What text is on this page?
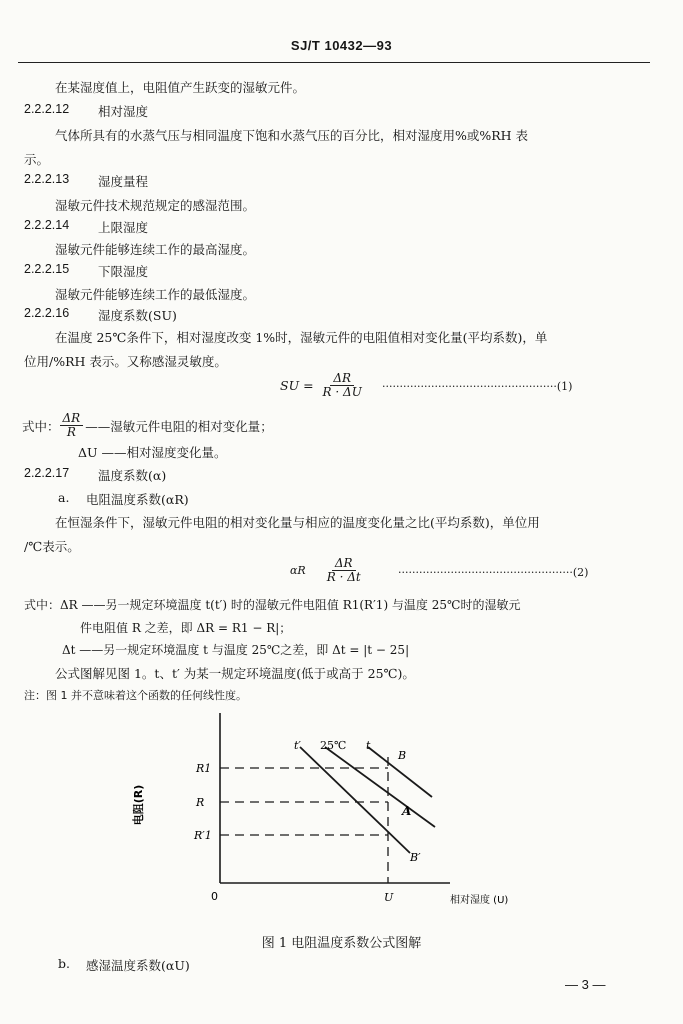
SJ/T 10432—93
在某湿度值上，电阻值产生跃变的湿敏元件。
2.2.2.12 相对湿度
气体所具有的水蒸气压与相同温度下饱和水蒸气压的百分比，相对湿度用%或%RH 表
示。
2.2.2.13 湿度量程
湿敏元件技术规范规定的感湿范围。
2.2.2.14 上限湿度
湿敏元件能够连续工作的最高湿度。
2.2.2.15 下限湿度
湿敏元件能够连续工作的最低湿度。
2.2.2.16 湿度系数(SU)
在温度 25℃条件下，相对湿度改变 1%时，湿敏元件的电阻值相对变化量(平均系数)，单
位用/%RH 表示。又称感湿灵敏度。
SU = $\frac{\Delta R}{R \cdot \Delta U} \cdot\cdot\cdot\cdot\cdot\cdot\cdot\cdot\cdot\cdot\cdot\cdot\cdot\cdot\cdot\cdot\cdot\cdot\cdot\cdot\cdot\cdot\cdot\cdot\cdot\cdot\cdot\cdot\cdot\cdot\cdot\cdot\cdot\cdot\cdot\cdot\cdot\cdot\cdot\cdot\cdot\cdot\cdot\cdot\cdot\cdot\cdot\cdot\cdot\cdot(1)$
式中： $\frac{\Delta R}{R}$ ——湿敏元件电阻的相对变化量；
ΔU ——相对湿度变化量。
2.2.2.17 温度系数(α)
a. 电阻温度系数(αR)
在恒湿条件下，湿敏元件电阻的相对变化量与相应的温度变化量之比(平均系数)，单位用
/℃表示。
αR $\frac{\Delta R}{R \cdot \Delta t}$	··················································(2)
式中：ΔR ——另一规定环境温度 t(t′) 时的湿敏元件电阻值 R1(R′1) 与温度 25℃时的湿敏元
件电阻值 R 之差，即 ΔR = R1 − R|；
Δt ——另一规定环境温度 t 与温度 25℃之差，即 Δt = |t − 25|
公式图解见图 1。t、t′ 为某一规定环境温度(低于或高于 25℃)。
注：图 1 并不意味着这个函数的任何线性度。
电阻(R)
R1
R
R′1
0	U	相对湿度 (U)
t′ 25℃ t
B
A
B′
图 1 电阻温度系数公式图解
b. 感湿温度系数(αU)
— 3 —
